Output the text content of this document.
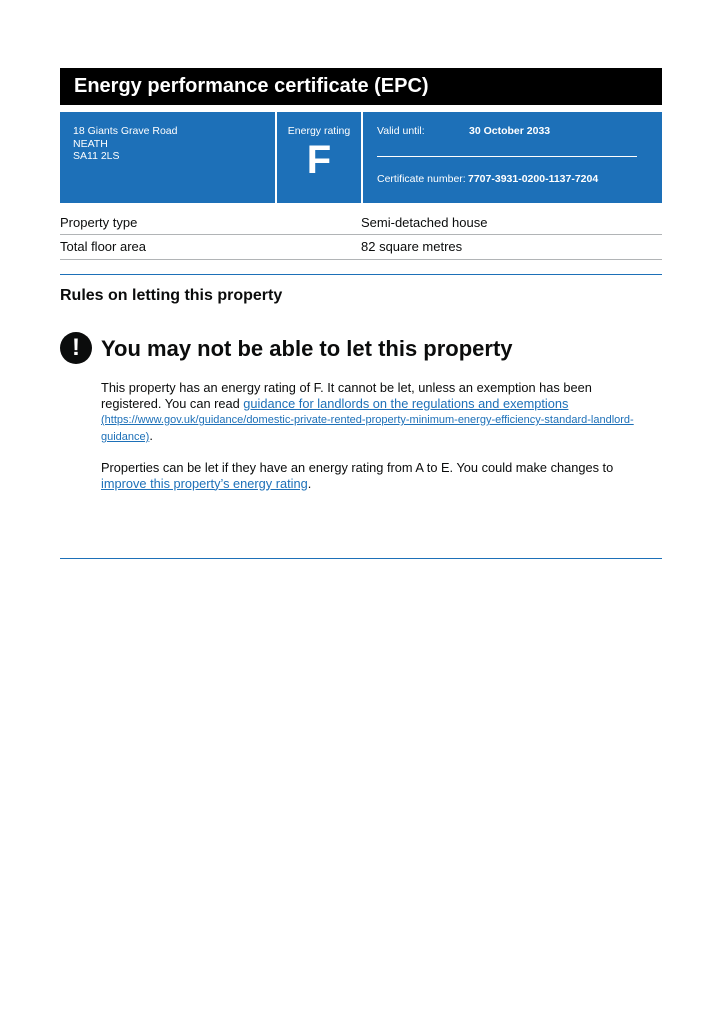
Energy performance certificate (EPC)
18 Giants Grave Road
NEATH
SA11 2LS
Energy rating
F
Valid until:	30 October 2033
Certificate number: 7707-3931-0200-1137-7204
Property type	Semi-detached house
Total floor area	82 square metres
Rules on letting this property
! You may not be able to let this property
This property has an energy rating of F. It cannot be let, unless an exemption has been registered. You can read guidance for landlords on the regulations and exemptions
(https://www.gov.uk/guidance/domestic-private-rented-property-minimum-energy-efficiency-standard-landlord-guidance).
Properties can be let if they have an energy rating from A to E. You could make changes to improve this property’s energy rating.
